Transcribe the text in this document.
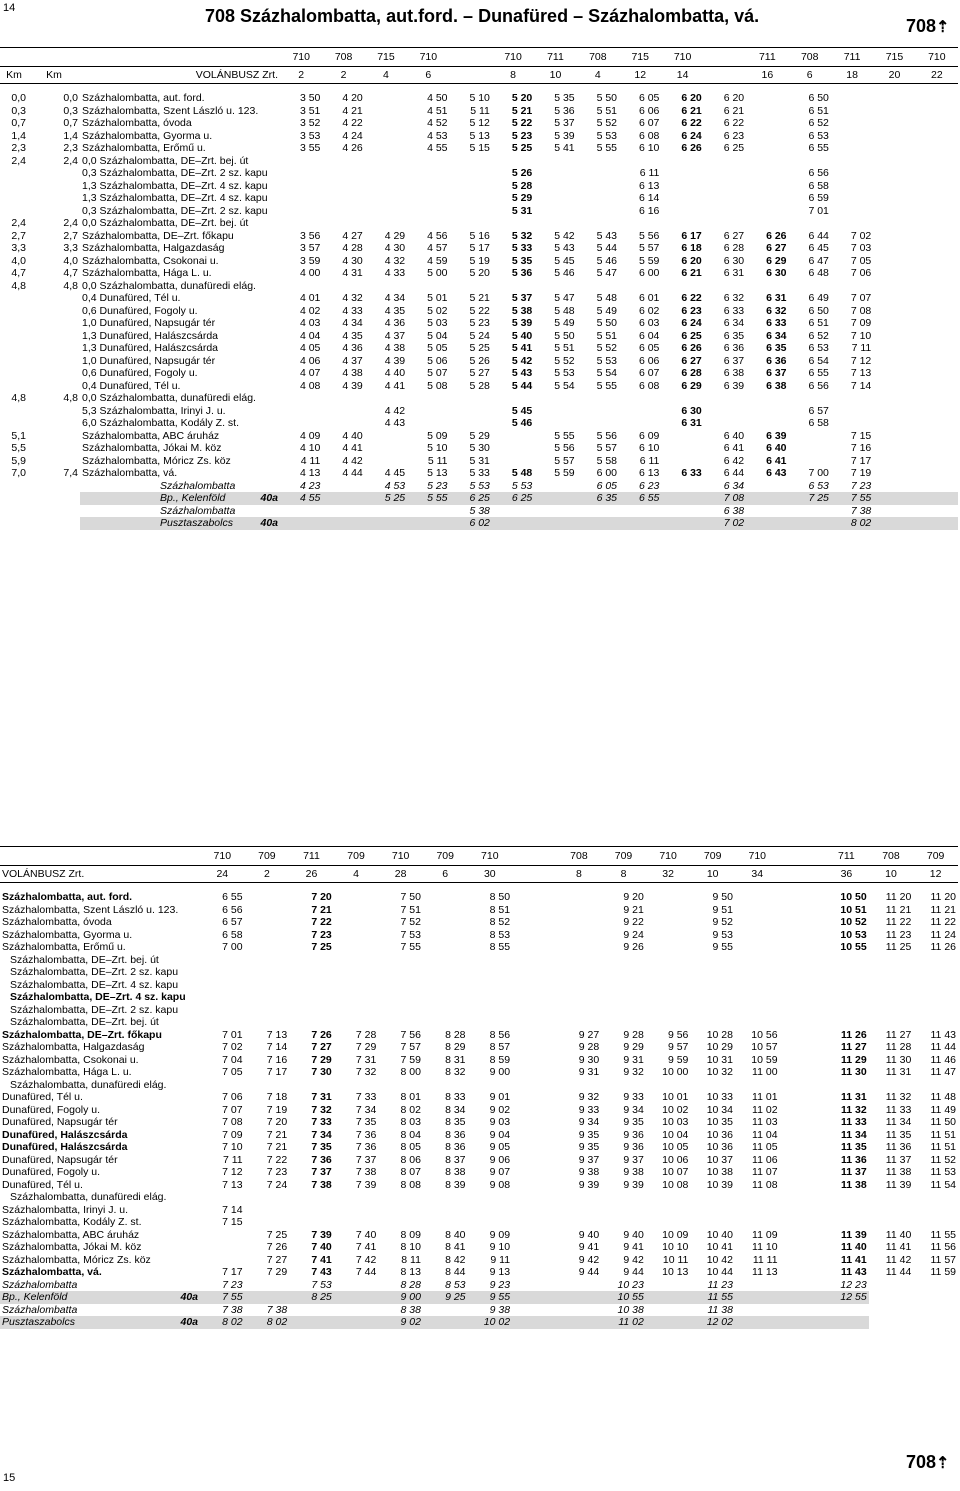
14	708 Százhalombatta, aut.ford. – Dunafüred – Százhalombatta, vá.	708⇡
			710	708	715	710		710	711	708	715	710		711	708	711	715	710
Km	Km	VOLÁNBUSZ Zrt.	2	2	4	6		8	10	4	12	14		16	6	18	20	22

0,0	0,0	Százhalombatta, aut. ford.	3 50	4 20		4 50	5 10	5 20	5 35	5 50	6 05	6 20	6 20		6 50			
0,3	0,3	Százhalombatta, Szent László u. 123.	3 51	4 21		4 51	5 11	5 21	5 36	5 51	6 06	6 21	6 21		6 51			
0,7	0,7	Százhalombatta, óvoda	3 52	4 22		4 52	5 12	5 22	5 37	5 52	6 07	6 22	6 22		6 52			
1,4	1,4	Százhalombatta, Gyorma u.	3 53	4 24		4 53	5 13	5 23	5 39	5 53	6 08	6 24	6 23		6 53			
2,3	2,3	Százhalombatta, Erőmű u.	3 55	4 26		4 55	5 15	5 25	5 41	5 55	6 10	6 26	6 25		6 55			
2,4	2,4	0,0 Százhalombatta, DE–Zrt. bej. út																
		0,3 Százhalombatta, DE–Zrt. 2 sz. kapu						5 26			6 11				6 56			
		1,3 Százhalombatta, DE–Zrt. 4 sz. kapu						5 28			6 13				6 58			
		1,3 Százhalombatta, DE–Zrt. 4 sz. kapu						5 29			6 14				6 59			
		0,3 Százhalombatta, DE–Zrt. 2 sz. kapu						5 31			6 16				7 01			
2,4	2,4	0,0 Százhalombatta, DE–Zrt. bej. út																
2,7	2,7	Százhalombatta, DE–Zrt. főkapu	3 56	4 27	4 29	4 56	5 16	5 32	5 42	5 43	5 56	6 17	6 27	6 26	6 44	7 02		
3,3	3,3	Százhalombatta, Halgazdaság	3 57	4 28	4 30	4 57	5 17	5 33	5 43	5 44	5 57	6 18	6 28	6 27	6 45	7 03		
4,0	4,0	Százhalombatta, Csokonai u.	3 59	4 30	4 32	4 59	5 19	5 35	5 45	5 46	5 59	6 20	6 30	6 29	6 47	7 05		
4,7	4,7	Százhalombatta, Hága L. u.	4 00	4 31	4 33	5 00	5 20	5 36	5 46	5 47	6 00	6 21	6 31	6 30	6 48	7 06		
4,8	4,8	0,0 Százhalombatta, dunafüredi elág.																
		0,4 Dunafüred, Tél u.	4 01	4 32	4 34	5 01	5 21	5 37	5 47	5 48	6 01	6 22	6 32	6 31	6 49	7 07		
		0,6 Dunafüred, Fogoly u.	4 02	4 33	4 35	5 02	5 22	5 38	5 48	5 49	6 02	6 23	6 33	6 32	6 50	7 08		
		1,0 Dunafüred, Napsugár tér	4 03	4 34	4 36	5 03	5 23	5 39	5 49	5 50	6 03	6 24	6 34	6 33	6 51	7 09		
		1,3 Dunafüred, Halászcsárda	4 04	4 35	4 37	5 04	5 24	5 40	5 50	5 51	6 04	6 25	6 35	6 34	6 52	7 10		
		1,3 Dunafüred, Halászcsárda	4 05	4 36	4 38	5 05	5 25	5 41	5 51	5 52	6 05	6 26	6 36	6 35	6 53	7 11		
		1,0 Dunafüred, Napsugár tér	4 06	4 37	4 39	5 06	5 26	5 42	5 52	5 53	6 06	6 27	6 37	6 36	6 54	7 12		
		0,6 Dunafüred, Fogoly u.	4 07	4 38	4 40	5 07	5 27	5 43	5 53	5 54	6 07	6 28	6 38	6 37	6 55	7 13		
		0,4 Dunafüred, Tél u.	4 08	4 39	4 41	5 08	5 28	5 44	5 54	5 55	6 08	6 29	6 39	6 38	6 56	7 14		
4,8	4,8	0,0 Százhalombatta, dunafüredi elág.																
		5,3 Százhalombatta, Irinyi J. u.			4 42			5 45				6 30			6 57			
		6,0 Százhalombatta, Kodály Z. st.			4 43			5 46				6 31			6 58			
5,1		Százhalombatta, ABC áruház	4 09	4 40		5 09	5 29		5 55	5 56	6 09		6 40	6 39		7 15		
5,5		Százhalombatta, Jókai M. köz	4 10	4 41		5 10	5 30		5 56	5 57	6 10		6 41	6 40		7 16		
5,9		Százhalombatta, Móricz Zs. köz	4 11	4 42		5 11	5 31		5 57	5 58	6 11		6 42	6 41		7 17		
7,0	7,4	Százhalombatta, vá.	4 13	4 44	4 45	5 13	5 33	5 48	5 59	6 00	6 13	6 33	6 44	6 43	7 00	7 19		
		Százhalombatta	4 23		4 53	5 23	5 53	5 53		6 05	6 23		6 34		6 53	7 23		
		Bp., Kelenföld 40a	4 55		5 25	5 55	6 25	6 25		6 35	6 55		7 08		7 25	7 55		
		Százhalombatta					5 38						6 38			7 38		
		Pusztaszabolcs 40a					6 02						7 02			8 02		
	710	709	711	709	710	709	710		708	709	710	709	710		711	708	709
VOLÁNBUSZ Zrt.	24	2	26	4	28	6	30		8	8	32	10	34		36	10	12

Százhalombatta, aut. ford.	6 55		7 20		7 50		8 50			9 20		9 50			10 50	11 20	11 20
Százhalombatta, Szent László u. 123.	6 56		7 21		7 51		8 51			9 21		9 51			10 51	11 21	11 21
Százhalombatta, óvoda	6 57		7 22		7 52		8 52			9 22		9 52			10 52	11 22	11 22
Százhalombatta, Gyorma u.	6 58		7 23		7 53		8 53			9 24		9 53			10 53	11 23	11 24
Százhalombatta, Erőmű u.	7 00		7 25		7 55		8 55			9 26		9 55			10 55	11 25	11 26
Százhalombatta, DE–Zrt. bej. út																	
Százhalombatta, DE–Zrt. 2 sz. kapu																	
Százhalombatta, DE–Zrt. 4 sz. kapu																	
Százhalombatta, DE–Zrt. 4 sz. kapu																	
Százhalombatta, DE–Zrt. 2 sz. kapu																	
Százhalombatta, DE–Zrt. bej. út																	
Százhalombatta, DE–Zrt. főkapu	7 01	7 13	7 26	7 28	7 56	8 28	8 56		9 27	9 28	9 56	10 28	10 56		11 26	11 27	11 43
Százhalombatta, Halgazdaság	7 02	7 14	7 27	7 29	7 57	8 29	8 57		9 28	9 29	9 57	10 29	10 57		11 27	11 28	11 44
Százhalombatta, Csokonai u.	7 04	7 16	7 29	7 31	7 59	8 31	8 59		9 30	9 31	9 59	10 31	10 59		11 29	11 30	11 46
Százhalombatta, Hága L. u.	7 05	7 17	7 30	7 32	8 00	8 32	9 00		9 31	9 32	10 00	10 32	11 00		11 30	11 31	11 47
Százhalombatta, dunafüredi elág.																	
Dunafüred, Tél u.	7 06	7 18	7 31	7 33	8 01	8 33	9 01		9 32	9 33	10 01	10 33	11 01		11 31	11 32	11 48
Dunafüred, Fogoly u.	7 07	7 19	7 32	7 34	8 02	8 34	9 02		9 33	9 34	10 02	10 34	11 02		11 32	11 33	11 49
Dunafüred, Napsugár tér	7 08	7 20	7 33	7 35	8 03	8 35	9 03		9 34	9 35	10 03	10 35	11 03		11 33	11 34	11 50
Dunafüred, Halászcsárda	7 09	7 21	7 34	7 36	8 04	8 36	9 04		9 35	9 36	10 04	10 36	11 04		11 34	11 35	11 51
Dunafüred, Halászcsárda	7 10	7 21	7 35	7 36	8 05	8 36	9 05		9 35	9 36	10 05	10 36	11 05		11 35	11 36	11 51
Dunafüred, Napsugár tér	7 11	7 22	7 36	7 37	8 06	8 37	9 06		9 37	9 37	10 06	10 37	11 06		11 36	11 37	11 52
Dunafüred, Fogoly u.	7 12	7 23	7 37	7 38	8 07	8 38	9 07		9 38	9 38	10 07	10 38	11 07		11 37	11 38	11 53
Dunafüred, Tél u.	7 13	7 24	7 38	7 39	8 08	8 39	9 08		9 39	9 39	10 08	10 39	11 08		11 38	11 39	11 54
Százhalombatta, dunafüredi elág.																	
Százhalombatta, Irinyi J. u.	7 14																
Százhalombatta, Kodály Z. st.	7 15																
Százhalombatta, ABC áruház		7 25	7 39	7 40	8 09	8 40	9 09		9 40	9 40	10 09	10 40	11 09		11 39	11 40	11 55
Százhalombatta, Jókai M. köz		7 26	7 40	7 41	8 10	8 41	9 10		9 41	9 41	10 10	10 41	11 10		11 40	11 41	11 56
Százhalombatta, Móricz Zs. köz		7 27	7 41	7 42	8 11	8 42	9 11		9 42	9 42	10 11	10 42	11 11		11 41	11 42	11 57
Százhalombatta, vá.	7 17	7 29	7 43	7 44	8 13	8 44	9 13		9 44	9 44	10 13	10 44	11 13		11 43	11 44	11 59
Százhalombatta	7 23		7 53		8 28	8 53	9 23			10 23		11 23			12 23		
Bp., Kelenföld 40a	7 55		8 25		9 00	9 25	9 55			10 55		11 55			12 55		
Százhalombatta	7 38	7 38			8 38		9 38			10 38		11 38					
Pusztaszabolcs 40a	8 02	8 02			9 02		10 02			11 02		12 02					
15
708⇡
